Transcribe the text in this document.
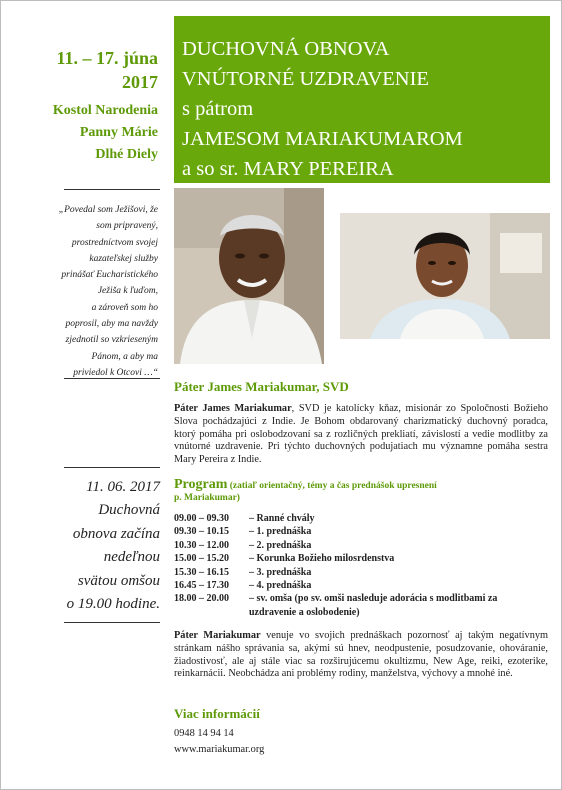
11. – 17. júna
2017
Kostol Narodenia
Panny Márie
Dlhé Diely
DUCHOVNÁ OBNOVA
VNÚTORNÉ UZDRAVENIE
s pátrom
JAMESOM MARIAKUMAROM
a so sr. MARY PEREIRA
„Povedal som Ježišovi, že
som pripravený,
prostredníctvom svojej
kazateľskej služby
prinášať Eucharistického
Ježiša k ľuďom,
a zároveň som ho
poprosil, aby ma navždy
zjednotil so vzkrieseným
Pánom, a aby ma
priviedol k Otcovi …“
11. 06. 2017
Duchovná
obnova začína
nedeľnou
svätou omšou
o 19.00 hodine.
Páter James Mariakumar, SVD
Páter James Mariakumar, SVD je katolícky kňaz, misionár zo Spoločnosti Božieho Slova pochádzajúci z Indie. Je Bohom obdarovaný charizmatický duchovný poradca, ktorý pomáha pri oslobodzovaní sa z rozličných prekliatí, závislostí a vedie modlitby za vnútorné uzdravenie. Pri týchto duchovných podujatiach mu významne pomáha sestra Mary Pereira z Indie.
Program (zatiaľ orientačný, témy a čas prednášok upresnení
p. Mariakumar)
09.00 – 09.30	– Ranné chvály
09.30 – 10.15	– 1. prednáška
10.30 – 12.00	– 2. prednáška
15.00 – 15.20	– Korunka Božieho milosrdenstva
15.30 – 16.15	– 3. prednáška
16.45 – 17.30	– 4. prednáška
18.00 – 20.00	– sv. omša (po sv. omši nasleduje adorácia s modlitbami za uzdravenie a oslobodenie)
Páter Mariakumar venuje vo svojich prednáškach pozornosť aj takým negatívnym stránkam nášho správania sa, akými sú hnev, neodpustenie, posudzovanie, ohováranie, žiadostivosť, ale aj stále viac sa rozširujúcemu okultizmu, New Age, reiki, ezoterike, reinkarnácii. Neobchádza ani problémy rodiny, manželstva, výchovy a mnohé iné.
Viac informácií
0948 14 94 14
www.mariakumar.org
